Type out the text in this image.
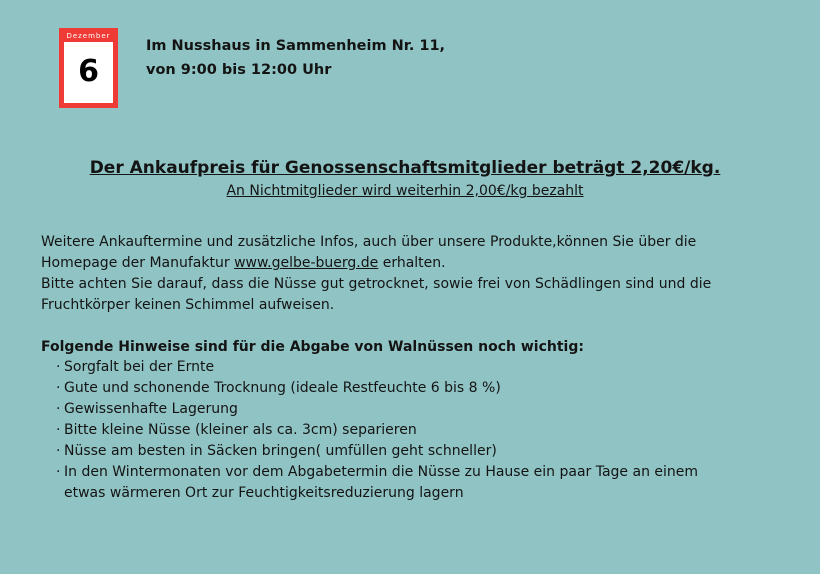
Dezember
6
Im Nusshaus in Sammenheim Nr. 11,
von 9:00 bis 12:00 Uhr
Der Ankaufpreis für Genossenschaftsmitglieder beträgt 2,20€/kg.
An Nichtmitglieder wird weiterhin 2,00€/kg bezahlt
Weitere Ankauftermine und zusätzliche Infos, auch über unsere Produkte,können Sie über die
Homepage der Manufaktur www.gelbe-buerg.de erhalten.
Bitte achten Sie darauf, dass die Nüsse gut getrocknet, sowie frei von Schädlingen sind und die
Fruchtkörper keinen Schimmel aufweisen.
Folgende Hinweise sind für die Abgabe von Walnüssen noch wichtig:
· Sorgfalt bei der Ernte
· Gute und schonende Trocknung (ideale Restfeuchte 6 bis 8 %)
· Gewissenhafte Lagerung
· Bitte kleine Nüsse (kleiner als ca. 3cm) separieren
· Nüsse am besten in Säcken bringen( umfüllen geht schneller)
· In den Wintermonaten vor dem Abgabetermin die Nüsse zu Hause ein paar Tage an einem
etwas wärmeren Ort zur Feuchtigkeitsreduzierung lagern
